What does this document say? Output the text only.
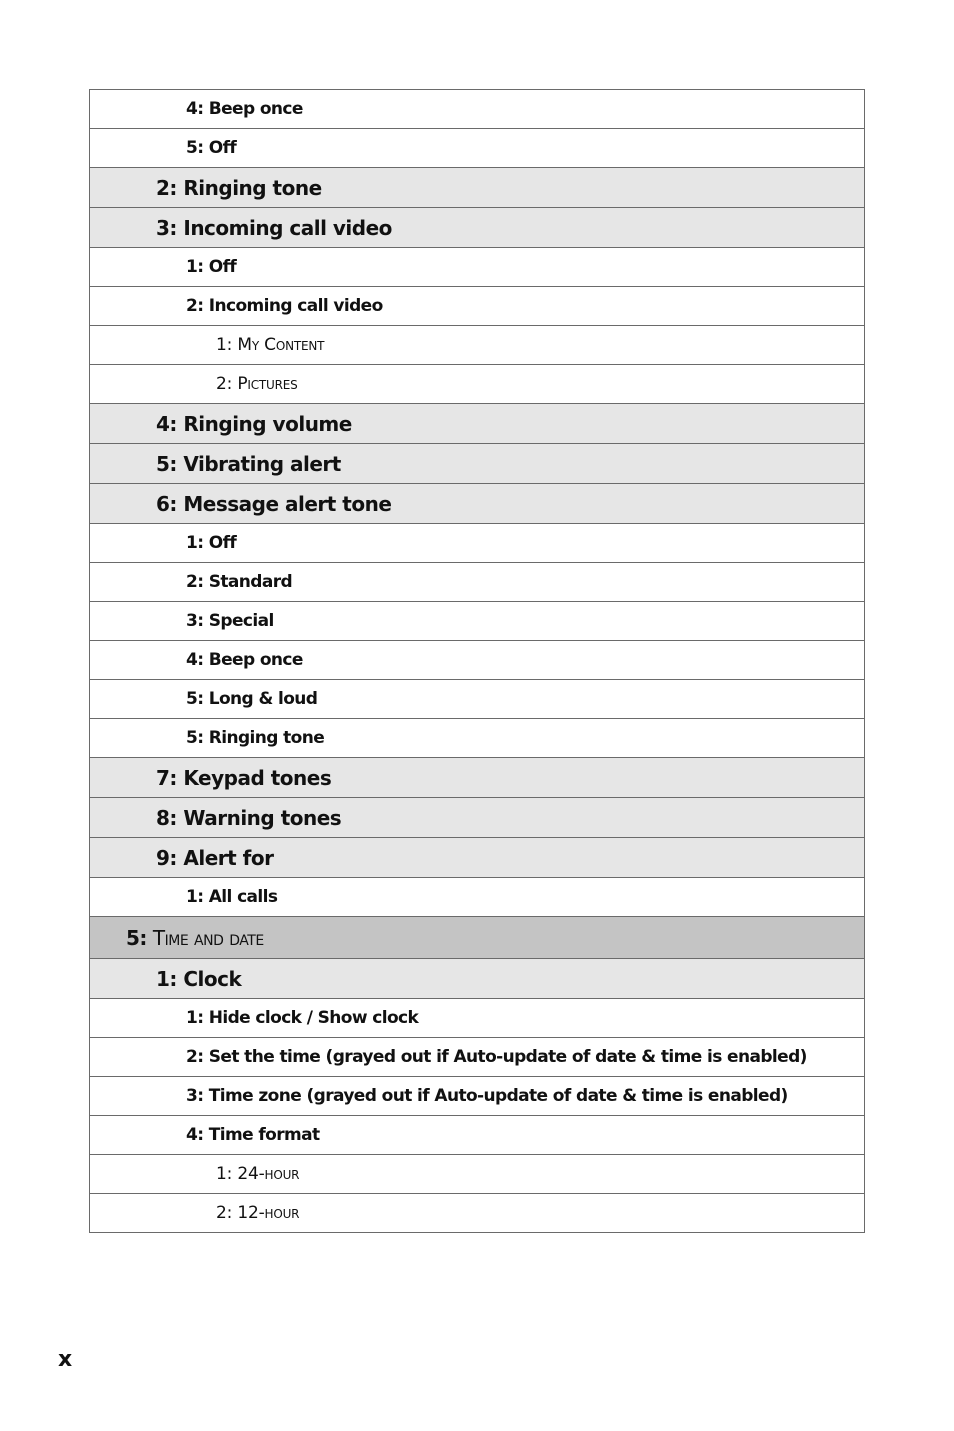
4: Beep once
5: Off
2: Ringing tone
3: Incoming call video
1: Off
2: Incoming call video
1: My Content
2: Pictures
4: Ringing volume
5: Vibrating alert
6: Message alert tone
1: Off
2: Standard
3: Special
4: Beep once
5: Long & loud
5: Ringing tone
7: Keypad tones
8: Warning tones
9: Alert for
1: All calls
5: Time and date
1: Clock
1: Hide clock / Show clock
2: Set the time (grayed out if Auto-update of date & time is enabled)
3: Time zone (grayed out if Auto-update of date & time is enabled)
4: Time format
1: 24-hour
2: 12-hour
x
